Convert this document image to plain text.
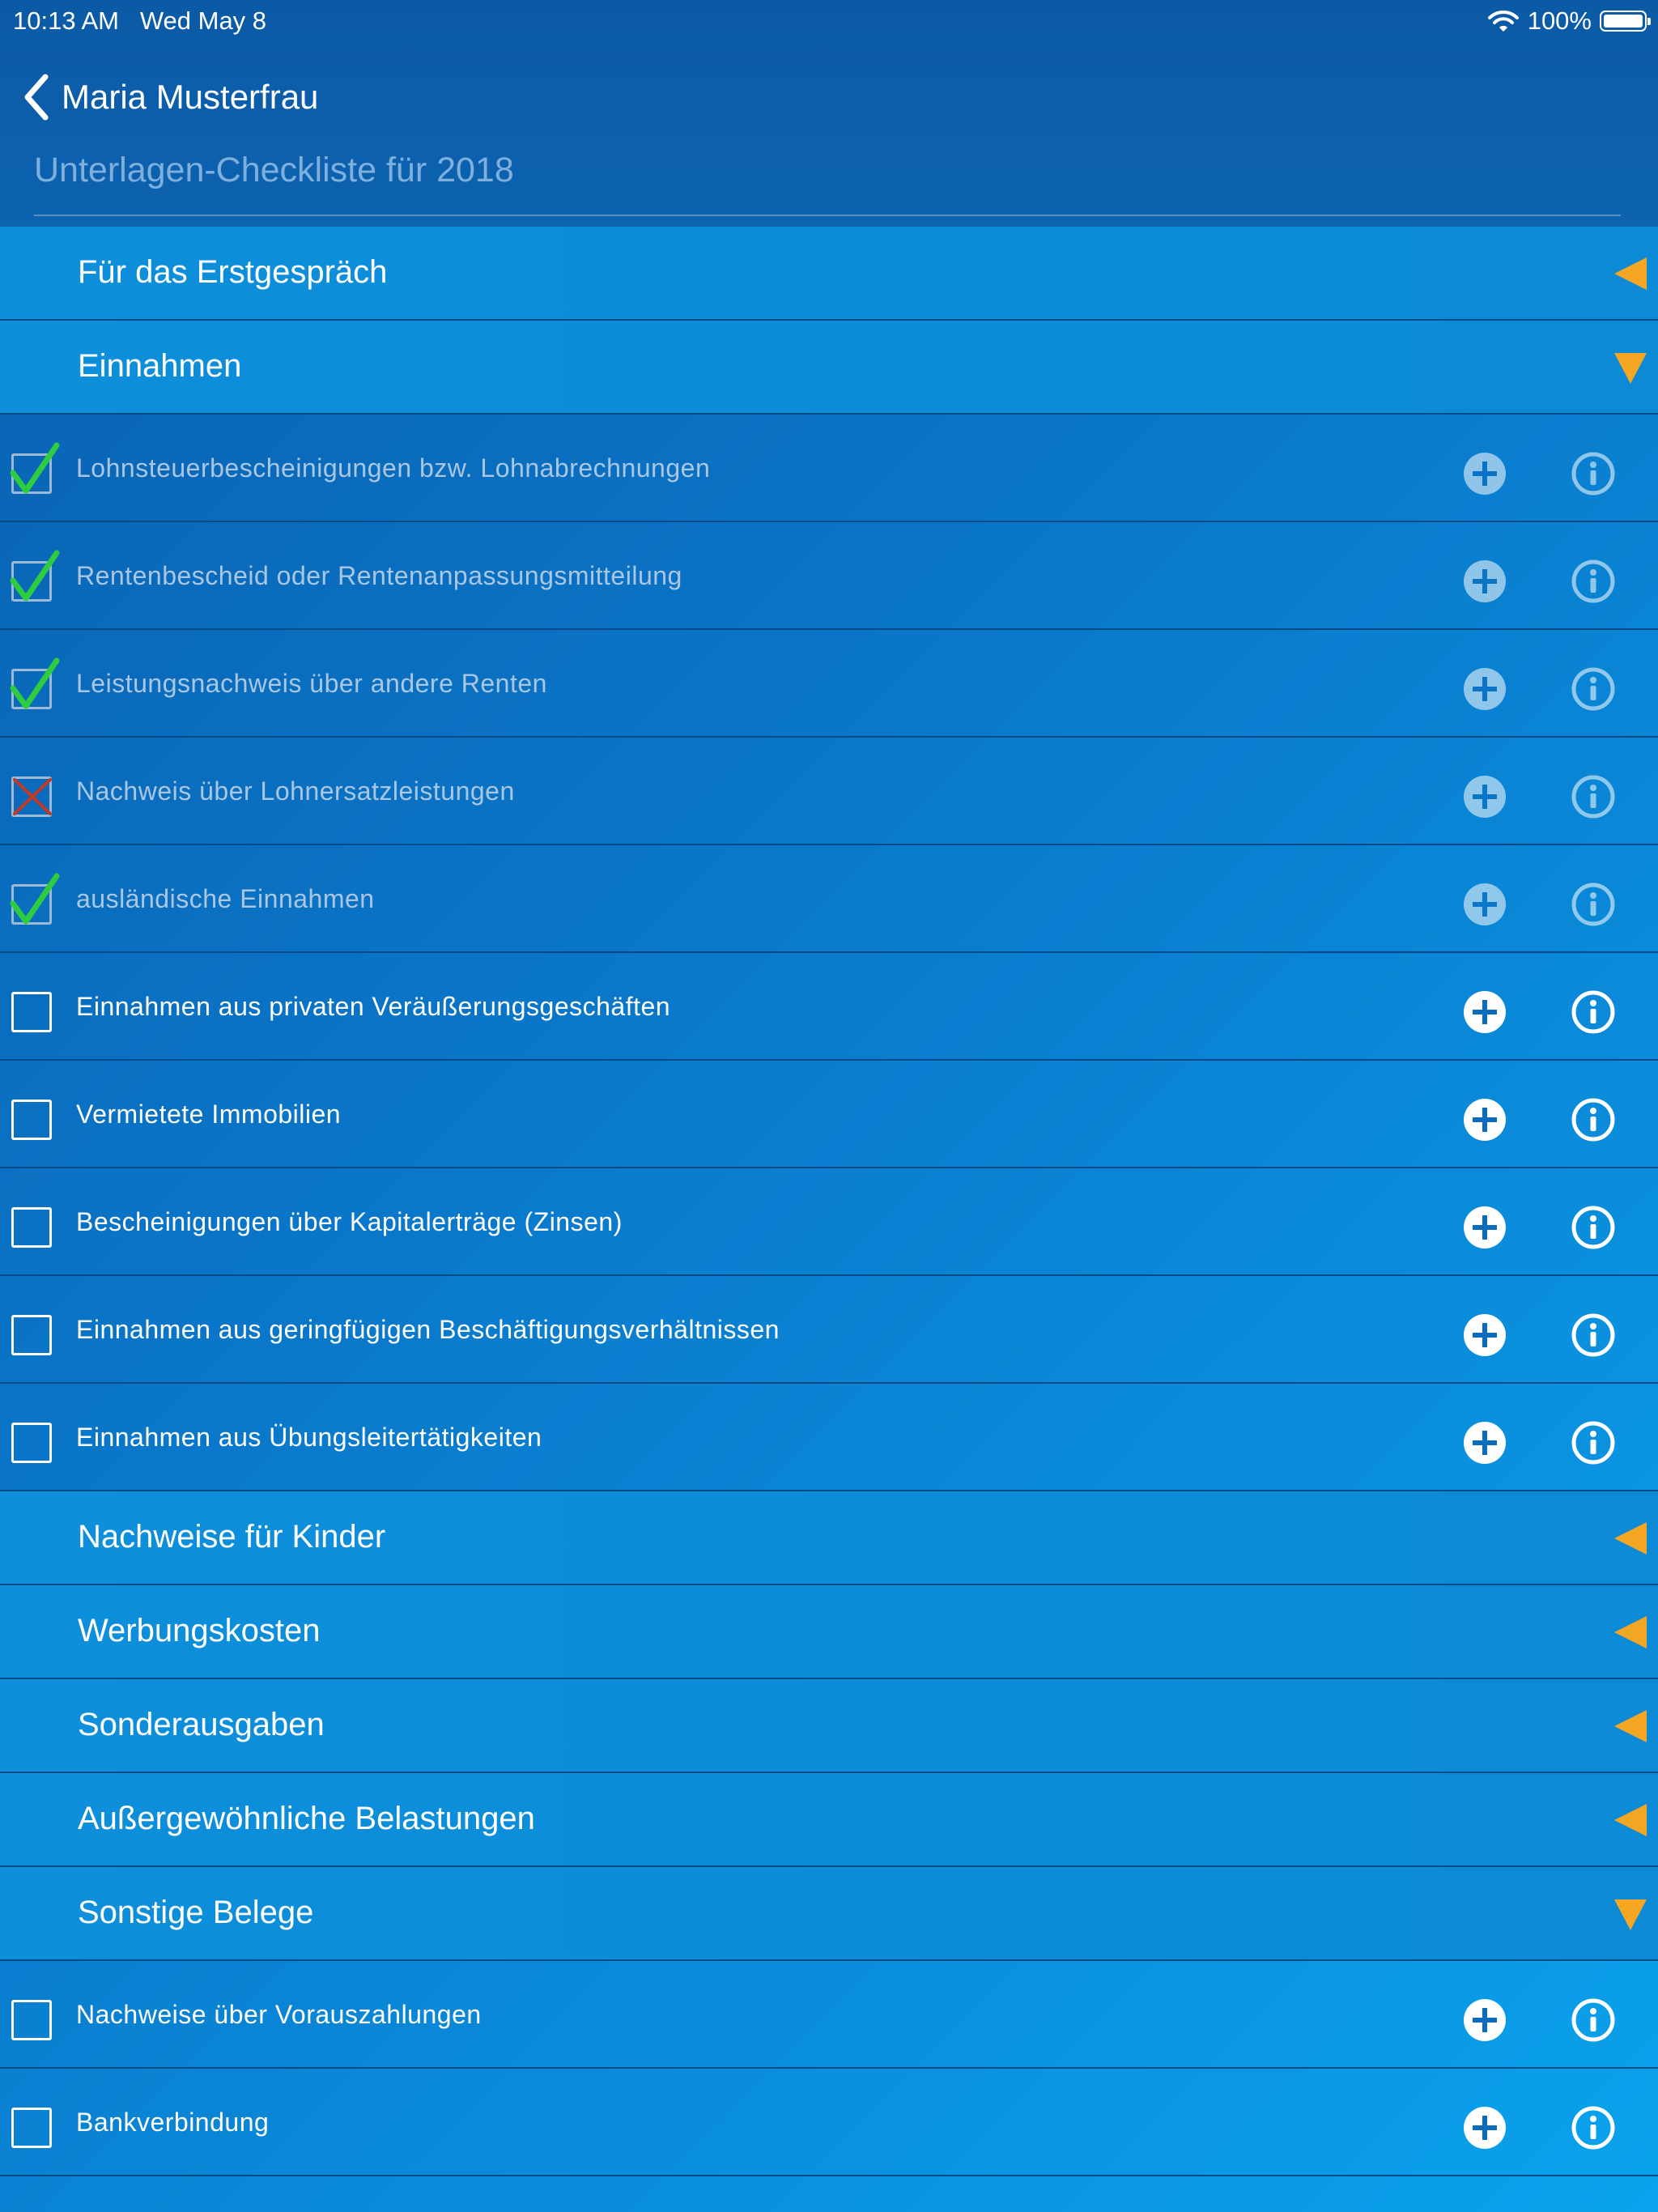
10:13 AM Wed May 8	100%
Maria Musterfrau
Unterlagen-Checkliste für 2018
Für das Erstgespräch
Einnahmen
Lohnsteuerbescheinigungen bzw. Lohnabrechnungen
Rentenbescheid oder Rentenanpassungsmitteilung
Leistungsnachweis über andere Renten
Nachweis über Lohnersatzleistungen
ausländische Einnahmen
Einnahmen aus privaten Veräußerungsgeschäften
Vermietete Immobilien
Bescheinigungen über Kapitalerträge (Zinsen)
Einnahmen aus geringfügigen Beschäftigungsverhältnissen
Einnahmen aus Übungsleitertätigkeiten
Nachweise für Kinder
Werbungskosten
Sonderausgaben
Außergewöhnliche Belastungen
Sonstige Belege
Nachweise über Vorauszahlungen
Bankverbindung
